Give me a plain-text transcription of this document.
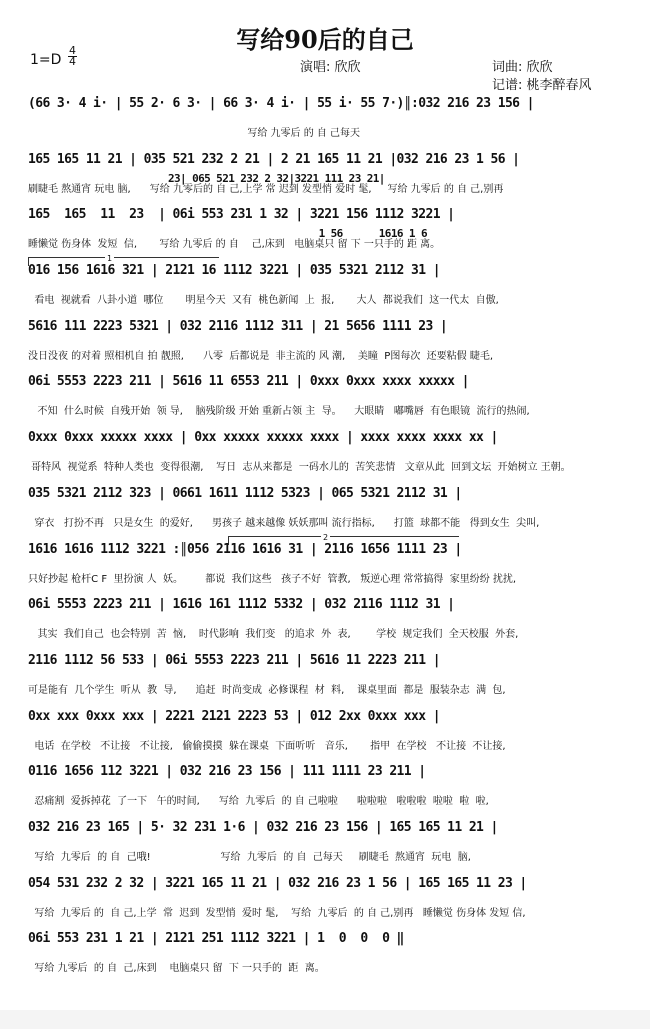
写给90后的自己
1=D
4
4	演唱: 欣欣	词曲: 欣欣
记谱: 桃李醉春风
(66 3· 4 i· | 55 2· 6 3· | 66 3· 4 i· | 55 i· 55 7·)║:032 216 23 156 |
写给 九零后 的 自 己每天
165 165 11 21 | 035 521 232 2 21 | 2 21 165 11 21 |032 216 23 1 56 |
23| 065 521 232 2 32|3221 111 23 21|
刷睫毛 熬通宵 玩电 脑,      写给 九零后的 自 己,上学 常 迟到 发型悄 爱时 髦,     写给 九零后 的 自 己,别再
165  165  11  23  | 06i 553 231 1 32 | 3221 156 1112 3221 |
1 56      1616 1 6
睡懒觉 伤身体  发短  信,       写给 九零后 的 自    己,床到   电脑桌只 留 下 一只手的 距 离。
1
016 156 1616 321 | 2121 16 1112 3221 | 035 5321 2112 31 |
看电  视就看  八卦小道  哪位       明星今天  又有  桃色新闻  上  报,       大人  都说我们  这一代太  自傲,
5616 111 2223 5321 | 032 2116 1112 311 | 21 5656 1111 23 |
没日没夜 的对着 照相机自 拍 靓照,      八零  后都说是  非主流的 风 潮,    美瞳  P图每次  还要粘假 睫毛,
06i 5553 2223 211 | 5616 11 6553 211 | 0xxx 0xxx xxxx xxxxx |
不知  什么时候  自残开始  领 导,    脑残阶级 开始 重新占领 主  导。    大眼睛   嘟嘴唇  有色眼镜  流行的热闹,
0xxx 0xxx xxxxx xxxx | 0xx xxxxx xxxxx xxxx | xxxx xxxx xxxx xx |
哥特风  视觉系  特种人类也  变得很潮,    写日  志从来都是  一码水儿的  苦笑悲情   文章从此  回到文坛  开始树立 王朝。
035 5321 2112 323 | 0661 1611 1112 5323 | 065 5321 2112 31 |
穿衣   打扮不再   只是女生  的爱好,      男孩子 越来越像 妖妖那叫 流行指标,      打篮  球都不能   得到女生  尖叫,
2
1616 1616 1112 3221 :║056 2116 1616 31 | 2116 1656 1111 23 |
只好抄起 枪杆C F  里扮演 人  妖。       都说  我们这些   孩子不好  管教,   叛逆心理 常常搞得  家里纷纷 扰扰,
06i 5553 2223 211 | 1616 161 1112 5332 | 032 2116 1112 31 |
其实  我们自己  也会特别  苦  恼,    时代影响  我们变   的追求  外  表,        学校  规定我们  全天校服  外套,
2116 1112 56 533 | 06i 5553 2223 211 | 5616 11 2223 211 |
可是能有  几个学生  听从  教  导,      追赶  时尚变成  必修课程  材  料,    课桌里面  都是  服装杂志  满  包,
0xx xxx 0xxx xxx | 2221 2121 2223 53 | 012 2xx 0xxx xxx |
电话  在学校   不让接   不让接,   偷偷摸摸  躲在课桌  下面听听   音乐,       指甲  在学校   不让接  不让接,
0116 1656 112 3221 | 032 216 23 156 | 111 1111 23 211 |
忍痛割  爱拆掉花  了一下   午的时间,      写给  九零后  的 自 己啦啦      啦啦啦   啦啦啦  啦啦  啦  啦,
032 216 23 165 | 5· 32 231 1·6 | 032 216 23 156 | 165 165 11 21 |
写给  九零后  的 自  己哦!                      写给  九零后  的 自  己每天     刷睫毛  熬通宵  玩电  脑,
054 531 232 2 32 | 3221 165 11 21 | 032 216 23 1 56 | 165 165 11 23 |
写给  九零后 的  自 己,上学  常  迟到  发型悄  爱时 髦,    写给  九零后  的 自 己,别再   睡懒觉 伤身体 发短 信,
06i 553 231 1 21 | 2121 251 1112 3221 | 1  0  0  0 ‖
写给 九零后  的 自  己,床到    电脑桌只 留  下 一只手的  距  离。
